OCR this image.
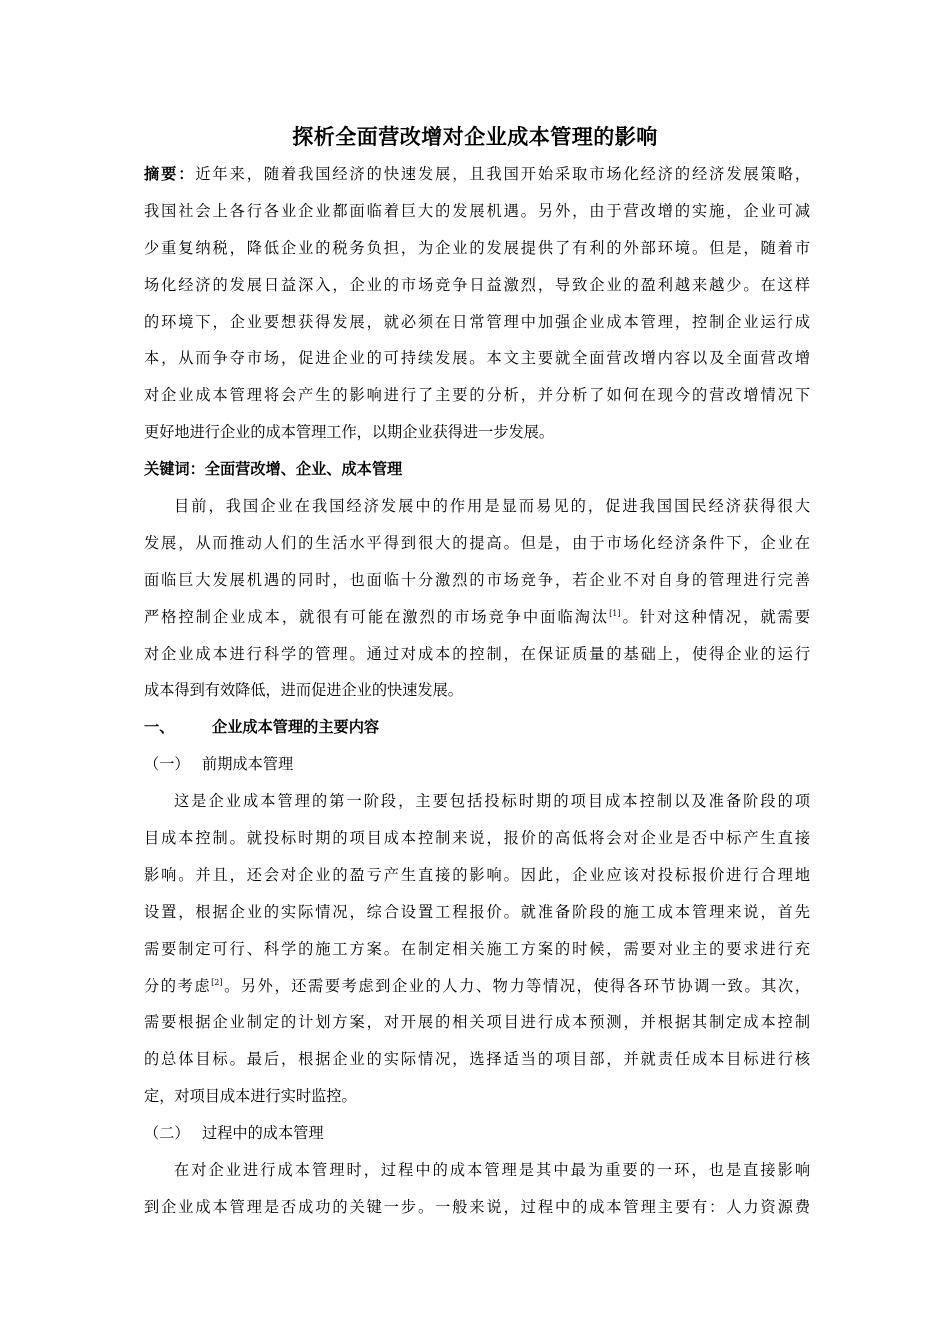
探析全面营改增对企业成本管理的影响
摘要：近年来，随着我国经济的快速发展，且我国开始采取市场化经济的经济发展策略，
我国社会上各行各业企业都面临着巨大的发展机遇。另外，由于营改增的实施，企业可减
少重复纳税，降低企业的税务负担，为企业的发展提供了有利的外部环境。但是，随着市
场化经济的发展日益深入，企业的市场竞争日益激烈，导致企业的盈利越来越少。在这样
的环境下，企业要想获得发展，就必须在日常管理中加强企业成本管理，控制企业运行成
本，从而争夺市场，促进企业的可持续发展。本文主要就全面营改增内容以及全面营改增
对企业成本管理将会产生的影响进行了主要的分析，并分析了如何在现今的营改增情况下
更好地进行企业的成本管理工作，以期企业获得进一步发展。
关键词：全面营改增、企业、成本管理
目前，我国企业在我国经济发展中的作用是显而易见的，促进我国国民经济获得很大
发展，从而推动人们的生活水平得到很大的提高。但是，由于市场化经济条件下，企业在
面临巨大发展机遇的同时，也面临十分激烈的市场竞争，若企业不对自身的管理进行完善
严格控制企业成本，就很有可能在激烈的市场竞争中面临淘汰[1]。针对这种情况，就需要
对企业成本进行科学的管理。通过对成本的控制，在保证质量的基础上，使得企业的运行
成本得到有效降低，进而促进企业的快速发展。
一、 企业成本管理的主要内容
（一） 前期成本管理
这是企业成本管理的第一阶段，主要包括投标时期的项目成本控制以及准备阶段的项
目成本控制。就投标时期的项目成本控制来说，报价的高低将会对企业是否中标产生直接
影响。并且，还会对企业的盈亏产生直接的影响。因此，企业应该对投标报价进行合理地
设置，根据企业的实际情况，综合设置工程报价。就准备阶段的施工成本管理来说，首先
需要制定可行、科学的施工方案。在制定相关施工方案的时候，需要对业主的要求进行充
分的考虑[2]。另外，还需要考虑到企业的人力、物力等情况，使得各环节协调一致。其次，
需要根据企业制定的计划方案，对开展的相关项目进行成本预测，并根据其制定成本控制
的总体目标。最后，根据企业的实际情况，选择适当的项目部，并就责任成本目标进行核
定，对项目成本进行实时监控。
（二） 过程中的成本管理
在对企业进行成本管理时，过程中的成本管理是其中最为重要的一环，也是直接影响
到企业成本管理是否成功的关键一步。一般来说，过程中的成本管理主要有：人力资源费
